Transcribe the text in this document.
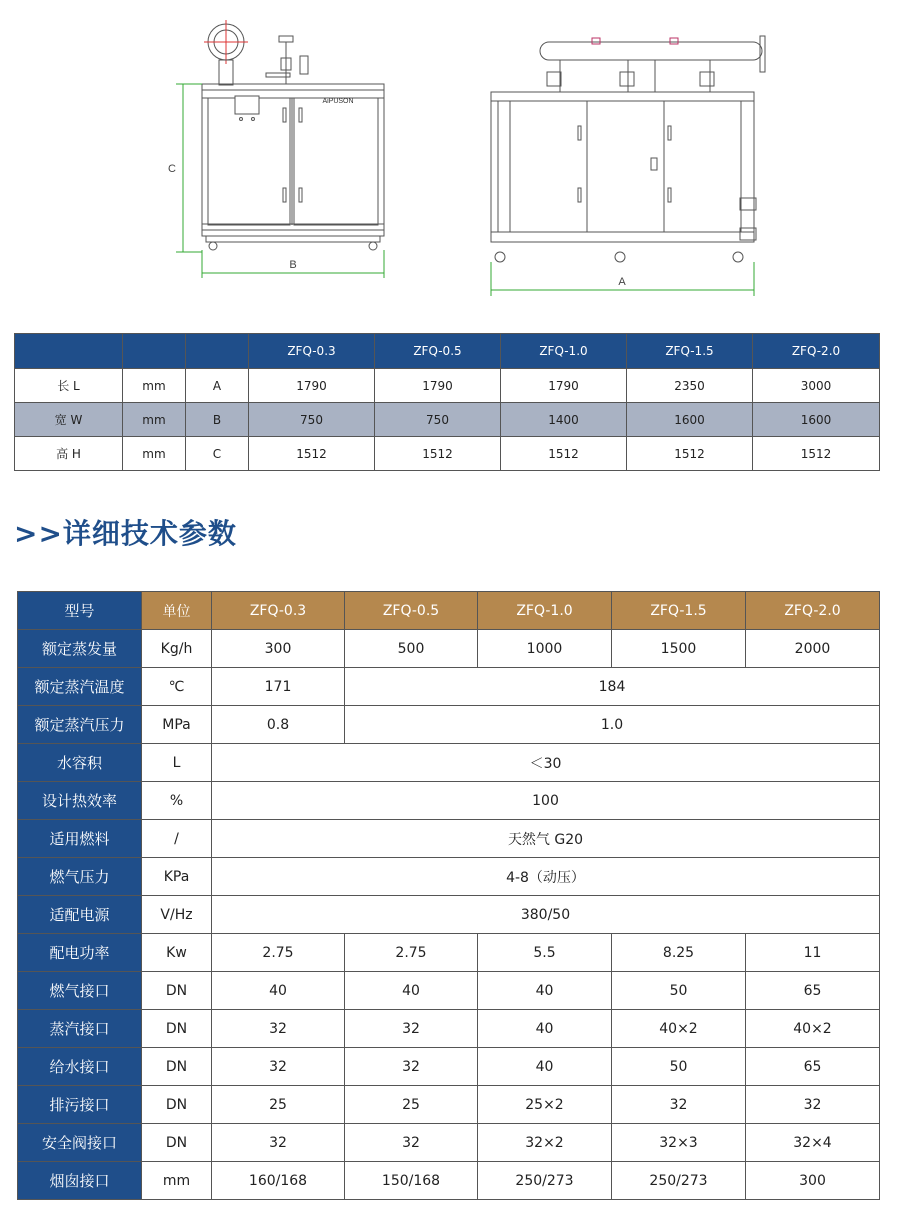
AiPUSON
C
B
A
			ZFQ-0.3	ZFQ-0.5	ZFQ-1.0	ZFQ-1.5	ZFQ-2.0
长 L	mm	A	1790	1790	1790	2350	3000
宽 W	mm	B	750	750	1400	1600	1600
高 H	mm	C	1512	1512	1512	1512	1512
>>详细技术参数
型号	单位	ZFQ-0.3	ZFQ-0.5	ZFQ-1.0	ZFQ-1.5	ZFQ-2.0
额定蒸发量	Kg/h	300	500	1000	1500	2000
额定蒸汽温度	℃	171	184			
额定蒸汽压力	MPa	0.8	1.0			
水容积	L	＜30				
设计热效率	%	100				
适用燃料	/	天然气 G20				
燃气压力	KPa	4-8（动压）				
适配电源	V/Hz	380/50				
配电功率	Kw	2.75	2.75	5.5	8.25	11
燃气接口	DN	40	40	40	50	65
蒸汽接口	DN	32	32	40	40×2	40×2
给水接口	DN	32	32	40	50	65
排污接口	DN	25	25	25×2	32	32
安全阀接口	DN	32	32	32×2	32×3	32×4
烟囱接口	mm	160/168	150/168	250/273	250/273	300
